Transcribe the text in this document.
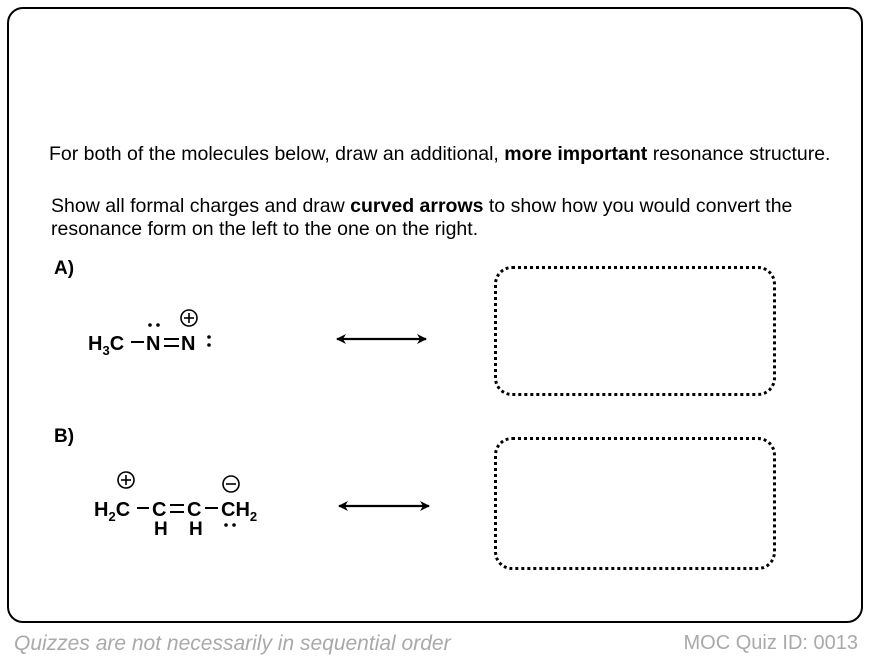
For both of the molecules below, draw an additional, more important resonance structure.

Show all formal charges and draw curved arrows to show how you would convert the resonance form on the left to the one on the right.

A)
B)
$H_3C$ N N
$H_2C$ C
H
C
H
$CH_2$
Quizzes are not necessarily in sequential order	MOC Quiz ID: 0013
